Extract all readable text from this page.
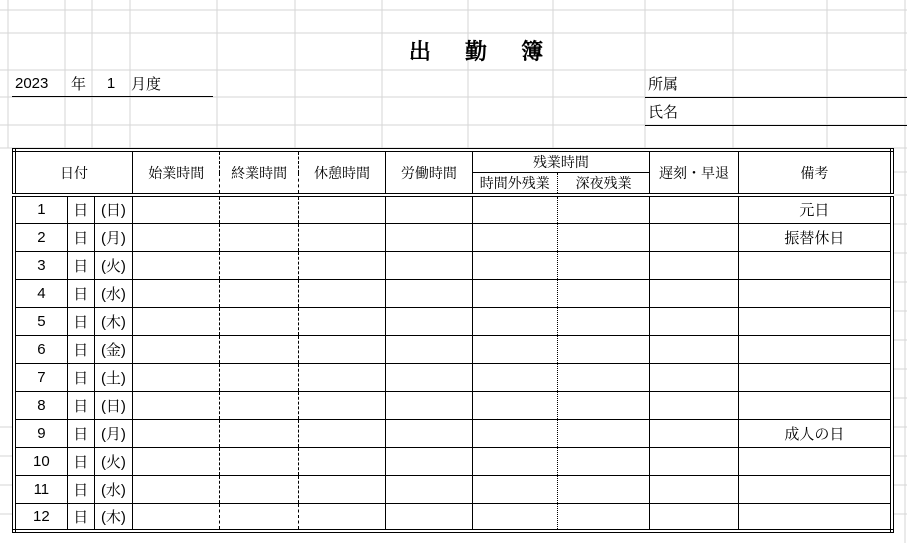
出 勤 簿
2023	年	1	月度	所属
氏名
日付			始業時間	終業時間	休憩時間	労働時間	残業時間		遅刻・早退	備考
							時間外残業	深夜残業		
1	日	(日)								元日
2	日	(月)								振替休日
3	日	(火)								
4	日	(水)								
5	日	(木)								
6	日	(金)								
7	日	(土)								
8	日	(日)								
9	日	(月)								成人の日
10	日	(火)								
11	日	(水)								
12	日	(木)								
